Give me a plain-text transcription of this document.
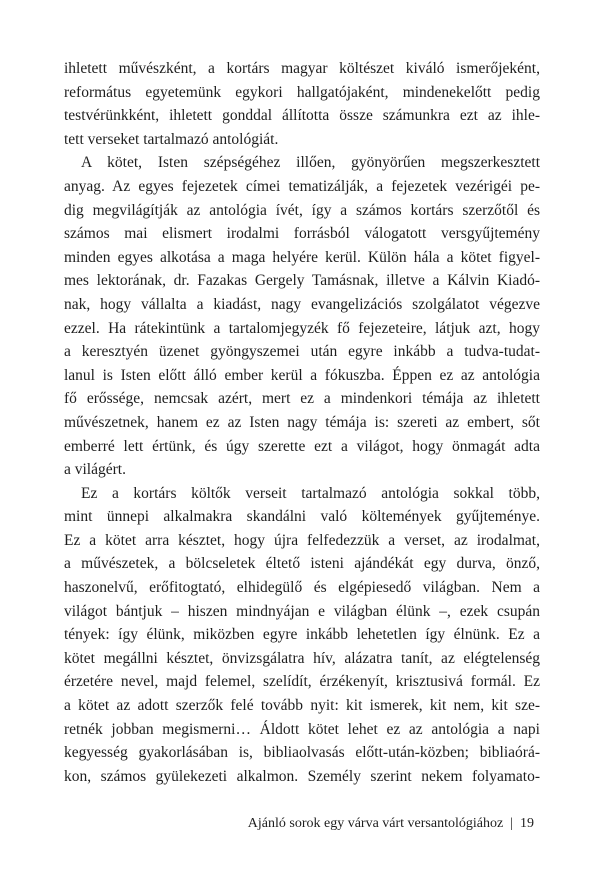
ihletett művészként, a kortárs magyar költészet kiváló ismerőjeként,
református egyetemünk egykori hallgatójaként, mindenekelőtt pedig
testvérünkként, ihletett gonddal állította össze számunkra ezt az ihle-
tett verseket tartalmazó antológiát.
A kötet, Isten szépségéhez illően, gyönyörűen megszerkesztett
anyag. Az egyes fejezetek címei tematizálják, a fejezetek vezérigéi pe-
dig megvilágítják az antológia ívét, így a számos kortárs szerzőtől és
számos mai elismert irodalmi forrásból válogatott versgyűjtemény
minden egyes alkotása a maga helyére kerül. Külön hála a kötet figyel-
mes lektorának, dr. Fazakas Gergely Tamásnak, illetve a Kálvin Kiadó-
nak, hogy vállalta a kiadást, nagy evangelizációs szolgálatot végezve
ezzel. Ha rátekintünk a tartalomjegyzék fő fejezeteire, látjuk azt, hogy
a keresztyén üzenet gyöngyszemei után egyre inkább a tudva-tudat-
lanul is Isten előtt álló ember kerül a fókuszba. Éppen ez az antológia
fő erőssége, nemcsak azért, mert ez a mindenkori témája az ihletett
művészetnek, hanem ez az Isten nagy témája is: szereti az embert, sőt
emberré lett értünk, és úgy szerette ezt a világot, hogy önmagát adta
a világért.
Ez a kortárs költők verseit tartalmazó antológia sokkal több,
mint ünnepi alkalmakra skandálni való költemények gyűjteménye.
Ez a kötet arra késztet, hogy újra felfedezzük a verset, az irodalmat,
a művészetek, a bölcseletek éltető isteni ajándékát egy durva, önző,
haszonelvű, erőfitogtató, elhidegülő és elgépiesedő világban. Nem a
világot bántjuk – hiszen mindnyájan e világban élünk –, ezek csupán
tények: így élünk, miközben egyre inkább lehetetlen így élnünk. Ez a
kötet megállni késztet, önvizsgálatra hív, alázatra tanít, az elégtelenség
érzetére nevel, majd felemel, szelídít, érzékenyít, krisztusivá formál. Ez
a kötet az adott szerzők felé tovább nyit: kit ismerek, kit nem, kit sze-
retnék jobban megismerni… Áldott kötet lehet ez az antológia a napi
kegyesség gyakorlásában is, bibliaolvasás előtt-után-közben; bibliaórá-
kon, számos gyülekezeti alkalmon. Személy szerint nekem folyamato-
Ajánló sorok egy várva várt versantológiához | 19
